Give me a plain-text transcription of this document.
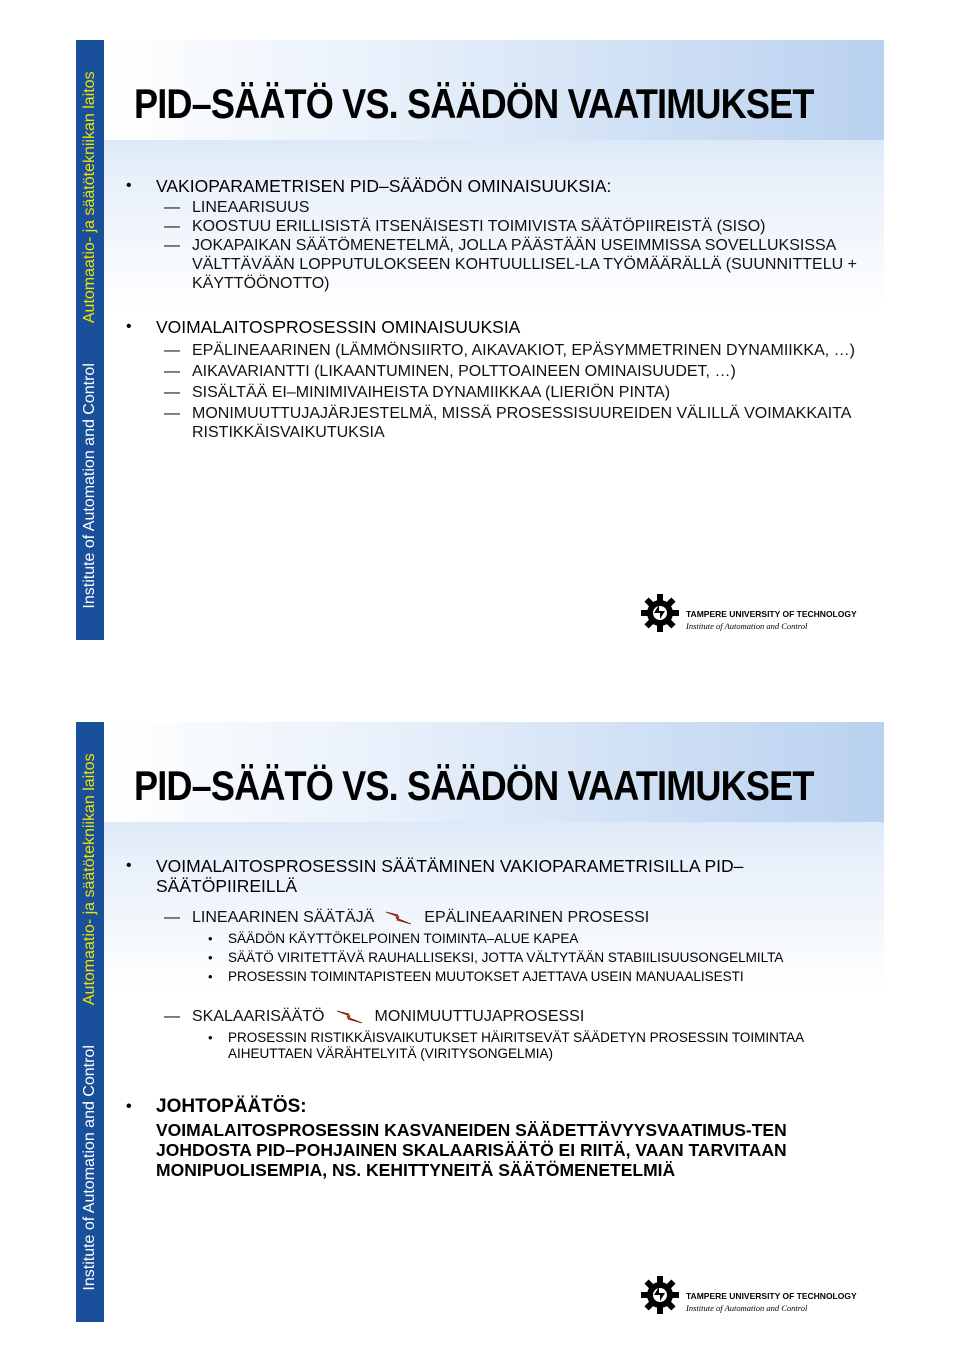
Institute of Automation and Control
Automaatio- ja säätötekniikan laitos PID–SÄÄTÖ VS. SÄÄDÖN VAATIMUKSET
• VAKIOPARAMETRISEN PID–SÄÄDÖN OMINAISUUKSIA:
— LINEAARISUUS
— KOOSTUU ERILLISISTÄ ITSENÄISESTI TOIMIVISTA SÄÄTÖPIIREISTÄ (SISO)
— JOKAPAIKAN SÄÄTÖMENETELMÄ, JOLLA PÄÄSTÄÄN USEIMMISSA SOVELLUKSISSA VÄLTTÄVÄÄN LOPPUTULOKSEEN KOHTUULLISEL-LA TYÖMÄÄRÄLLÄ (SUUNNITTELU + KÄYTTÖÖNOTTO)
• VOIMALAITOSPROSESSIN OMINAISUUKSIA
— EPÄLINEAARINEN (LÄMMÖNSIIRTO, AIKAVAKIOT, EPÄSYMMETRINEN DYNAMIIKKA, …)
— AIKAVARIANTTI (LIKAANTUMINEN, POLTTOAINEEN OMINAISUUDET, …)
— SISÄLTÄÄ EI–MINIMIVAIHEISTA DYNAMIIKKAA (LIERIÖN PINTA)
— MONIMUUTTUJAJÄRJESTELMÄ, MISSÄ PROSESSISUUREIDEN VÄLILLÄ VOIMAKKAITA RISTIKKÄISVAIKUTUKSIA
TAMPERE UNIVERSITY OF TECHNOLOGY
Institute of Automation and Control
Institute of Automation and Control
Automaatio- ja säätötekniikan laitos PID–SÄÄTÖ VS. SÄÄDÖN VAATIMUKSET
• VOIMALAITOSPROSESSIN SÄÄTÄMINEN VAKIOPARAMETRISILLA PID–SÄÄTÖPIIREILLÄ
— LINEAARINEN SÄÄTÄJÄ	EPÄLINEAARINEN PROSESSI
• SÄÄDÖN KÄYTTÖKELPOINEN TOIMINTA–ALUE KAPEA
• SÄÄTÖ VIRITETTÄVÄ RAUHALLISEKSI, JOTTA VÄLTYTÄÄN STABIILISUUSONGELMILTA
• PROSESSIN TOIMINTAPISTEEN MUUTOKSET AJETTAVA USEIN MANUAALISESTI
— SKALAARISÄÄTÖ	MONIMUUTTUJAPROSESSI
• PROSESSIN RISTIKKÄISVAIKUTUKSET HÄIRITSEVÄT SÄÄDETYN PROSESSIN TOIMINTAA AIHEUTTAEN VÄRÄHTELYITÄ (VIRITYSONGELMIA)
• JOHTOPÄÄTÖS:
VOIMALAITOSPROSESSIN KASVANEIDEN SÄÄDETTÄVYYSVAATIMUS-TEN JOHDOSTA PID–POHJAINEN SKALAARISÄÄTÖ EI RIITÄ, VAAN TARVITAAN MONIPUOLISEMPIA, NS. KEHITTYNEITÄ SÄÄTÖMENETELMIÄ
TAMPERE UNIVERSITY OF TECHNOLOGY
Institute of Automation and Control
